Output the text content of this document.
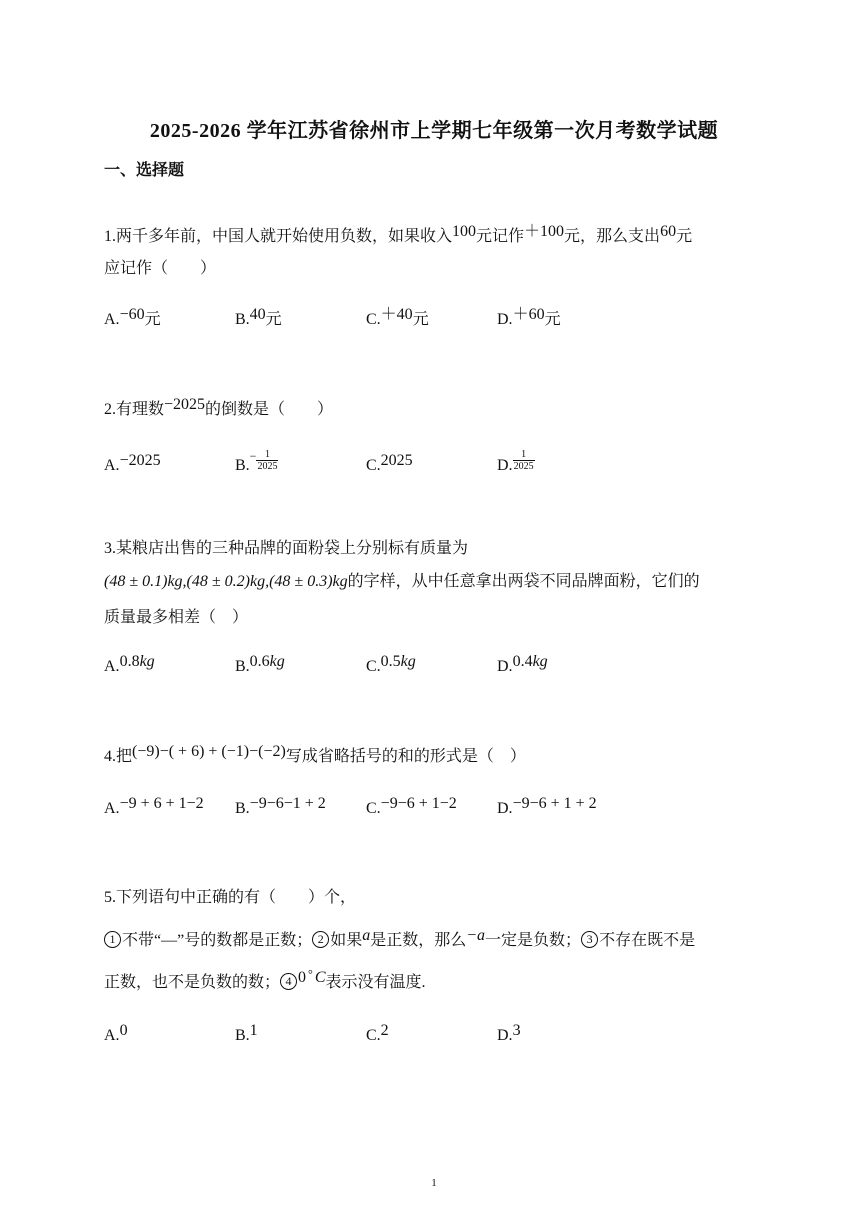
2025-2026 学年江苏省徐州市上学期七年级第一次月考数学试题
一、选择题
1.两千多年前，中国人就开始使用负数，如果收入100元记作＋100元，那么支出60元
应记作（　　）
A.−60元	B.40元	C.＋40元	D.＋60元
2.有理数−2025的倒数是（　　）
A.−2025	$B.^- \frac{1}{2025}$	C.2025	D. $\frac{1}{2025}$
3.某粮店出售的三种品牌的面粉袋上分别标有质量为
(48 ± 0.1)kg,(48 ± 0.2)kg,(48 ± 0.3)kg的字样，从中任意拿出两袋不同品牌面粉，它们的
质量最多相差（　）
A.0.8kg	B.0.6kg	C.0.5kg	D.0.4kg
4.把(−9)−( + 6) + (−1)−(−2)写成省略括号的和的形式是（　）
A.−9 + 6 + 1−2 B.−9−6−1 + 2	C.−9−6 + 1−2	D.−9−6 + 1 + 2
5.下列语句中正确的有（　　）个，
1 不带“—”号的数都是正数； 2 如果a是正数，那么−a一定是负数； 3 不存在既不是
正数，也不是负数的数； 4 0 ° C表示没有温度.
A.0	B.1	C.2	D.3
1
